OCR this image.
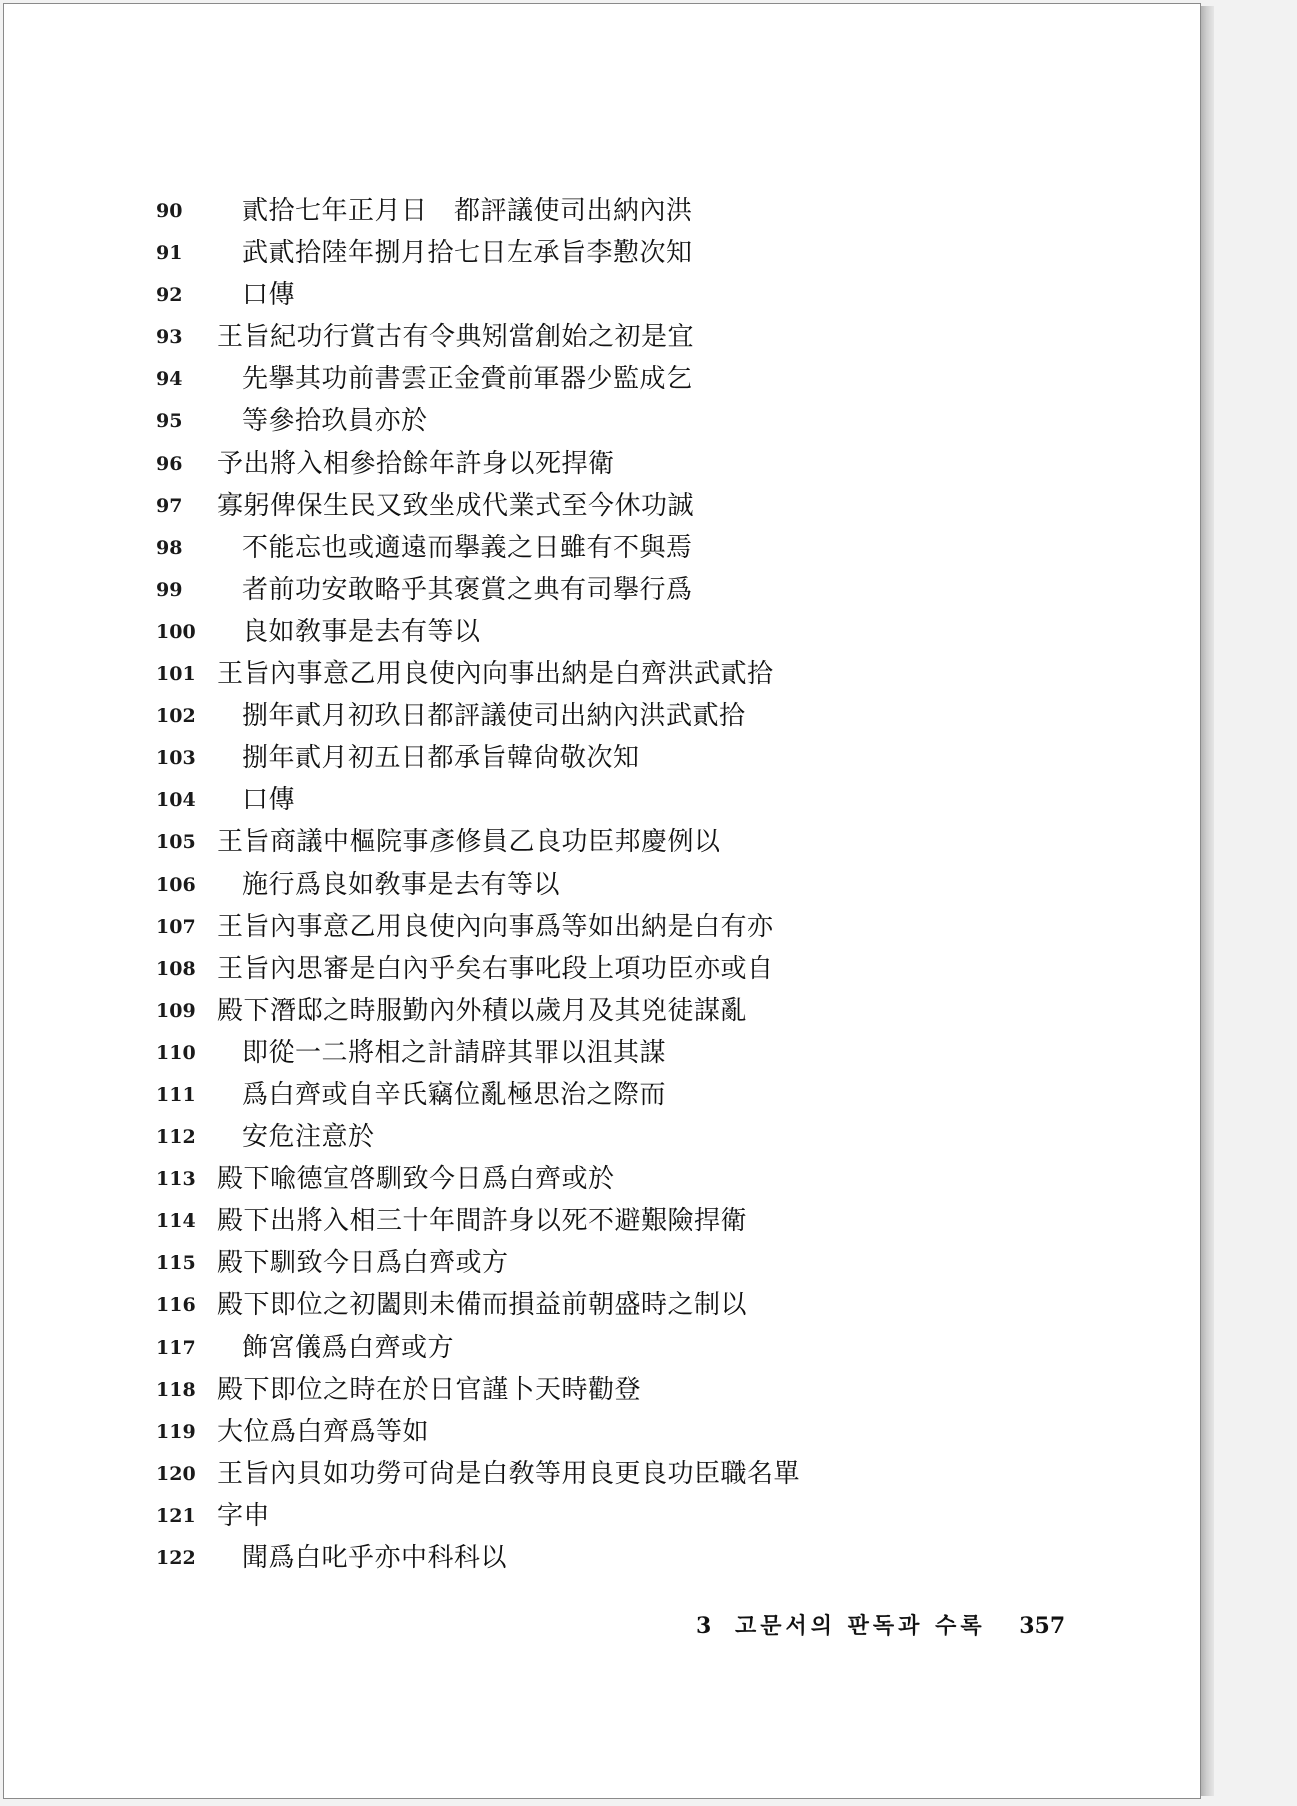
90	貳拾七年正月日　都評議使司出納內洪
91	武貳拾陸年捌月拾七日左承旨李懃次知
92	口傳
93	王旨紀功行賞古有令典矧當創始之初是宜
94	先擧其功前書雲正金賫前軍器少監成乞
95	等參拾玖員亦於
96	予出將入相參拾餘年許身以死捍衛
97	寡躬俾保生民又致坐成代業式至今休功誠
98	不能忘也或適遠而擧義之日雖有不與焉
99	者前功安敢略乎其褒賞之典有司擧行爲
100	良如敎事是去有等以
101 王旨內事意乙用良使內向事出納是白齊洪武貳拾
102	捌年貳月初玖日都評議使司出納內洪武貳拾
103	捌年貳月初五日都承旨韓尙敬次知
104	口傳
105 王旨商議中樞院事彥修員乙良功臣邦慶例以
106	施行爲良如敎事是去有等以
107 王旨內事意乙用良使內向事爲等如出納是白有亦
108 王旨內思審是白內乎矣右事叱段上項功臣亦或自
109 殿下潛邸之時服勤內外積以歲月及其兇徒謀亂
110	即從一二將相之計請辟其罪以沮其謀
111	爲白齊或自辛氏竊位亂極思治之際而
112	安危注意於
113 殿下喩德宣啓馴致今日爲白齊或於
114 殿下出將入相三十年間許身以死不避艱險捍衛
115 殿下馴致今日爲白齊或方
116 殿下即位之初闔則未備而損益前朝盛時之制以
117	飾宮儀爲白齊或方
118 殿下即位之時在於日官謹卜天時勸登
119 大位爲白齊爲等如
120 王旨內貝如功勞可尙是白敎等用良更良功臣職名單
121 字申
122	聞爲白叱乎亦中科科以
3 고문서의 판독과 수록 357
